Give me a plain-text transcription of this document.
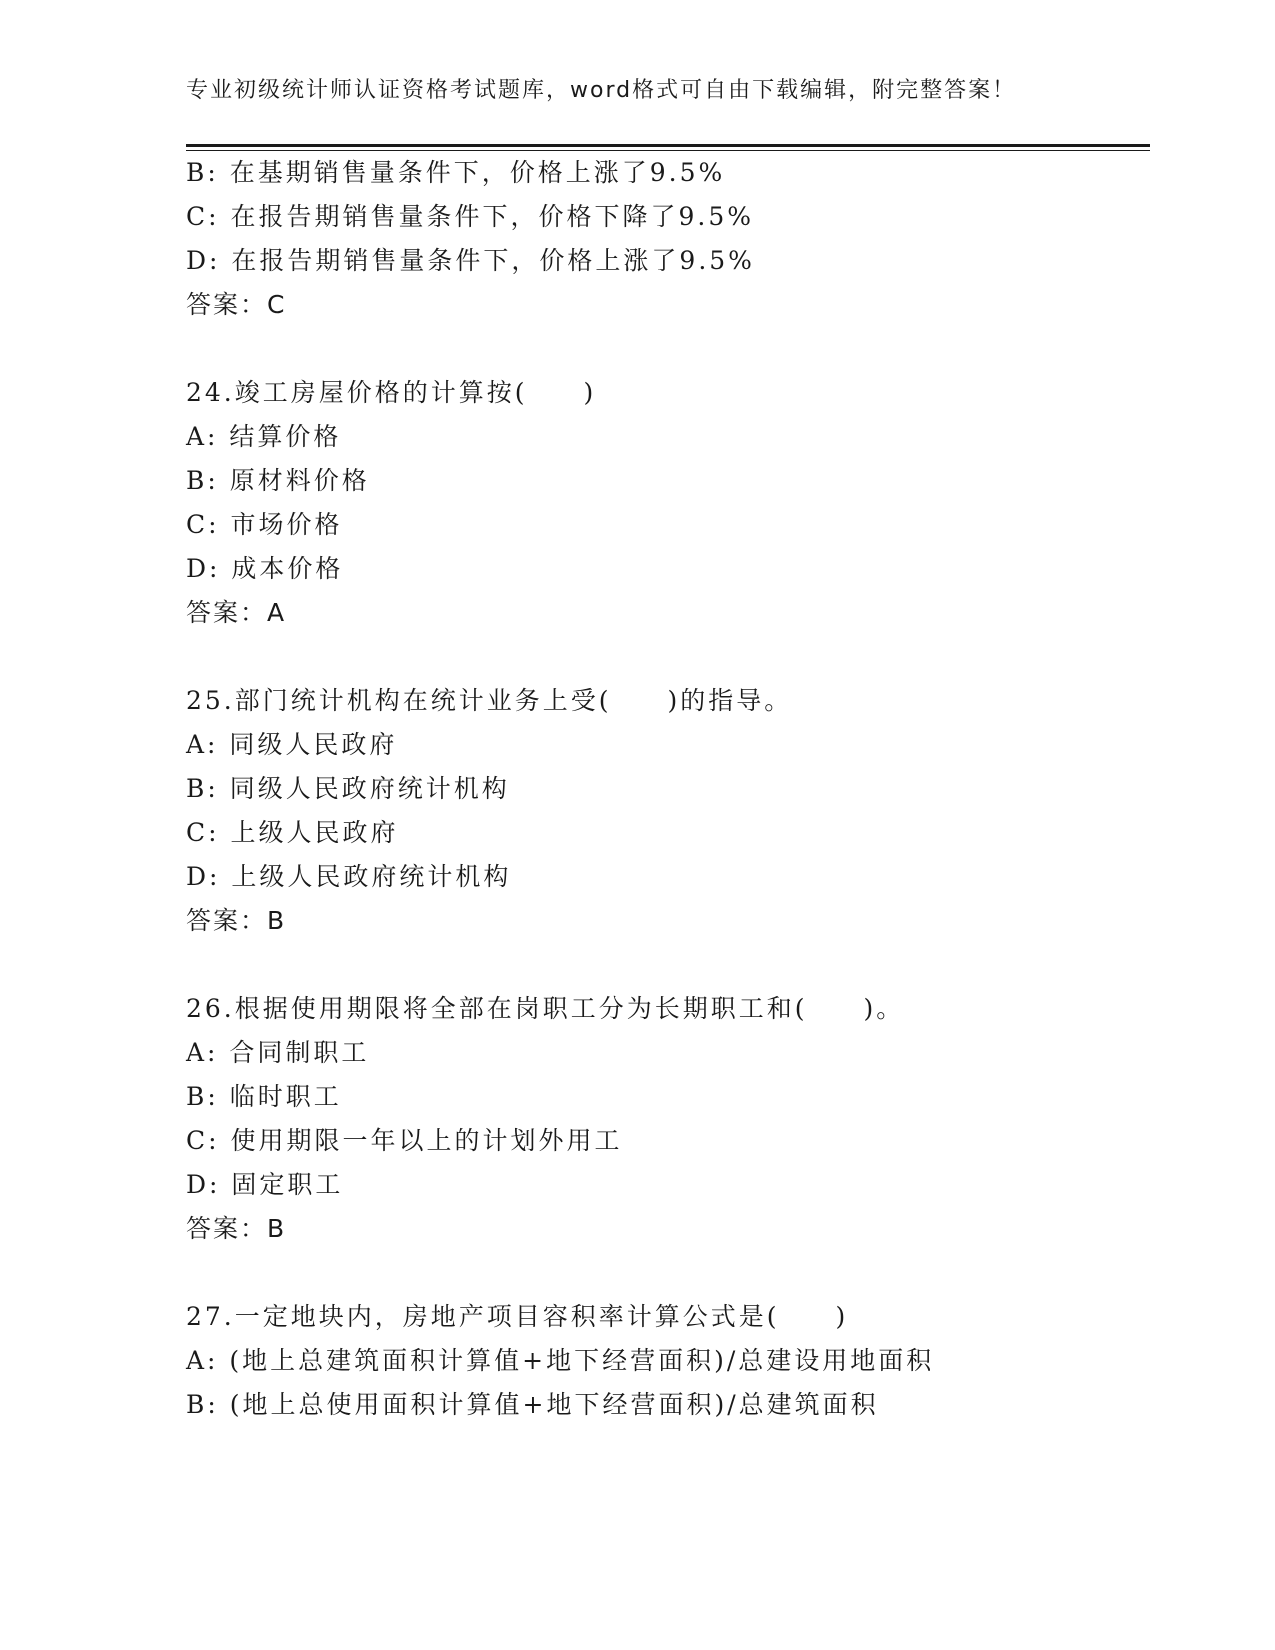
专业初级统计师认证资格考试题库，word格式可自由下载编辑，附完整答案！
B: 在基期销售量条件下，价格上涨了9.5%
C: 在报告期销售量条件下，价格下降了9.5%
D: 在报告期销售量条件下，价格上涨了9.5%
答案：C
24.竣工房屋价格的计算按(　　)
A: 结算价格
B: 原材料价格
C: 市场价格
D: 成本价格
答案：A
25.部门统计机构在统计业务上受(　　)的指导。
A: 同级人民政府
B: 同级人民政府统计机构
C: 上级人民政府
D: 上级人民政府统计机构
答案：B
26.根据使用期限将全部在岗职工分为长期职工和(　　)。
A: 合同制职工
B: 临时职工
C: 使用期限一年以上的计划外用工
D: 固定职工
答案：B
27.一定地块内，房地产项目容积率计算公式是(　　)
A: (地上总建筑面积计算值+地下经营面积)/总建设用地面积
B: (地上总使用面积计算值+地下经营面积)/总建筑面积
